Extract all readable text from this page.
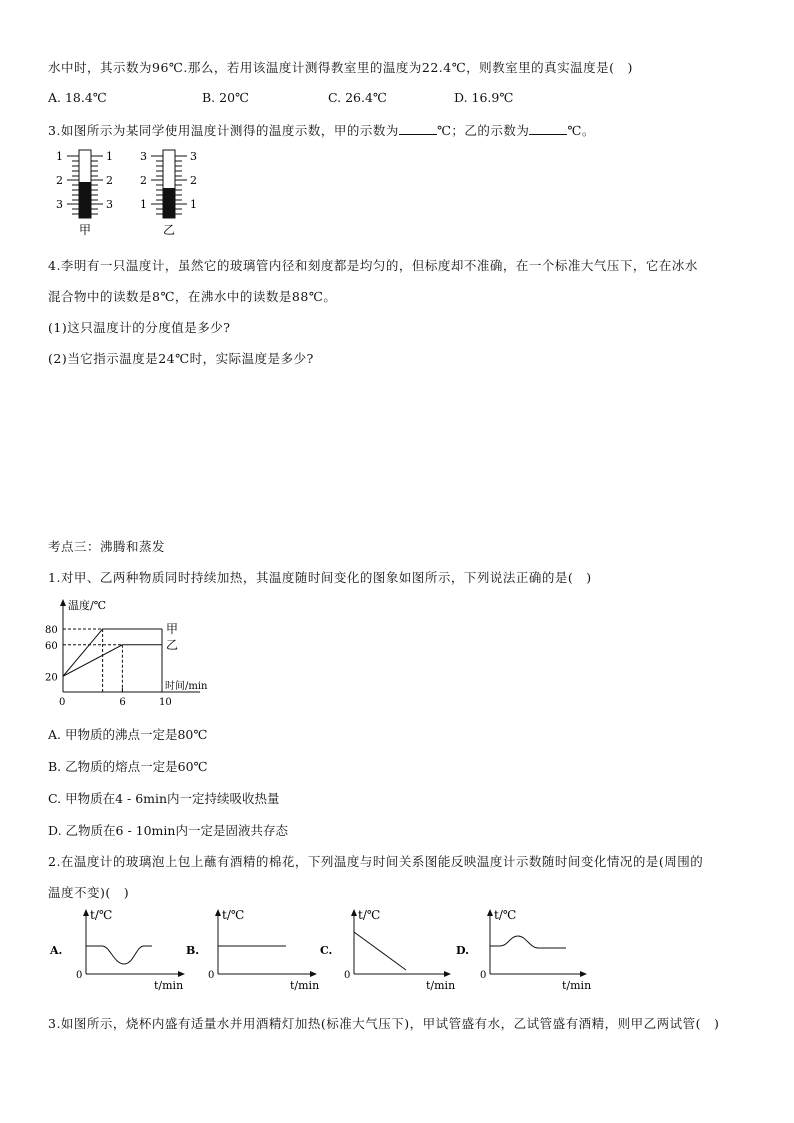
水中时，其示数为96℃.那么，若用该温度计测得教室里的温度为22.4℃，则教室里的真实温度是(　)
A. 18.4℃	B. 20℃	C. 26.4℃	D. 16.9℃
3.如图所示为某同学使用温度计测得的温度示数，甲的示数为	℃；乙的示数为	℃。
1
2
3
1
2
3
甲
3
2
1
3
2
1
乙
4.李明有一只温度计，虽然它的玻璃管内径和刻度都是均匀的，但标度却不准确，在一个标准大气压下，它在冰水
混合物中的读数是8℃，在沸水中的读数是88℃。
(1)这只温度计的分度值是多少?
(2)当它指示温度是24℃时，实际温度是多少?
考点三：沸腾和蒸发
1.对甲、乙两种物质同时持续加热，其温度随时间变化的图象如图所示，下列说法正确的是(　)
温度/℃
时间/min
20
60
80
0	6	10
甲
乙
A. 甲物质的沸点一定是80℃
B. 乙物质的熔点一定是60℃
C. 甲物质在4 - 6min内一定持续吸收热量
D. 乙物质在6 - 10min内一定是固液共存态
2.在温度计的玻璃泡上包上蘸有酒精的棉花，下列温度与时间关系图能反映温度计示数随时间变化情况的是(周围的
温度不变)(　)
A.
t/℃
0
t/min
B.
t/℃
0
t/min
C.
t/℃
0
t/min
D.
t/℃
0
t/min
3.如图所示，烧杯内盛有适量水并用酒精灯加热(标准大气压下)，甲试管盛有水，乙试管盛有酒精，则甲乙两试管(　)
